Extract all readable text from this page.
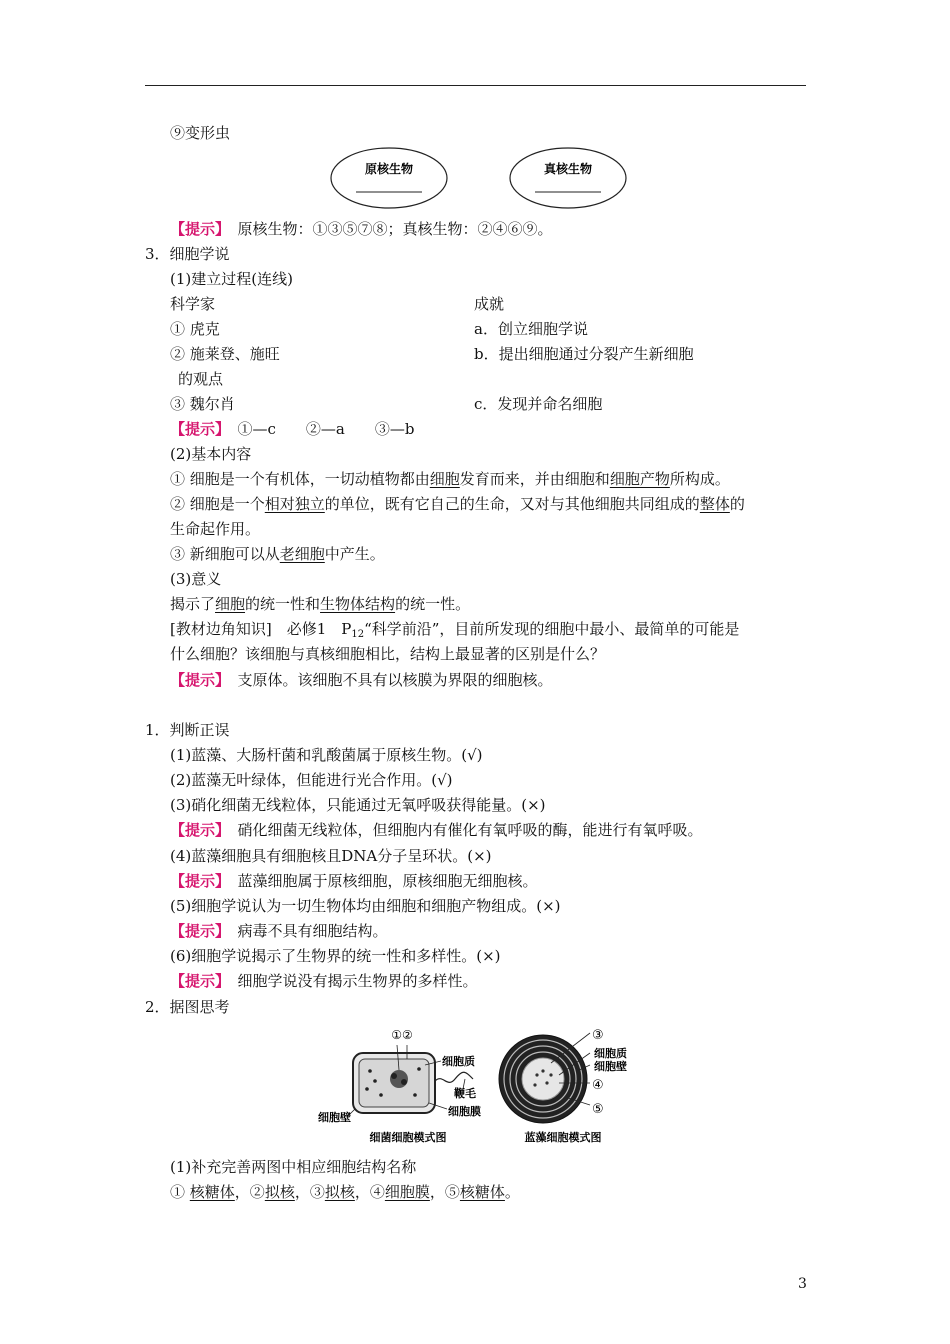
⑨变形虫
原核生物	真核生物
【提示】　 原核生物：①③⑤⑦⑧；真核生物：②④⑥⑨。
3．细胞学说
(1)建立过程(连线)
科学家	成就
① 虎克	a．创立细胞学说
② 施莱登、施旺	b．提出细胞通过分裂产生新细胞
的观点
③ 魏尔肖	c．发现并命名细胞
【提示】　 ①—c　　②—a　　③—b
(2)基本内容
① 细胞是一个有机体，一切动植物都由细胞发育而来，并由细胞和细胞产物所构成。
② 细胞是一个相对独立的单位，既有它自己的生命，又对与其他细胞共同组成的整体的
生命起作用。
③ 新细胞可以从老细胞中产生。
(3)意义
揭示了细胞的统一性和生物体结构的统一性。
[教材边角知识]　必修1　$P_{12}“$科学前沿”，目前所发现的细胞中最小、最简单的可能是
什么细胞？该细胞与真核细胞相比，结构上最显著的区别是什么？
【提示】　 支原体。该细胞不具有以核膜为界限的细胞核。
1．判断正误
(1)蓝藻、大肠杆菌和乳酸菌属于原核生物。(√)
(2)蓝藻无叶绿体，但能进行光合作用。(√)
(3)硝化细菌无线粒体，只能通过无氧呼吸获得能量。(×)
【提示】　 硝化细菌无线粒体，但细胞内有催化有氧呼吸的酶，能进行有氧呼吸。
(4)蓝藻细胞具有细胞核且DNA分子呈环状。(×)
【提示】　 蓝藻细胞属于原核细胞，原核细胞无细胞核。
(5)细胞学说认为一切生物体均由细胞和细胞产物组成。(×)
【提示】　 病毒不具有细胞结构。
(6)细胞学说揭示了生物界的统一性和多样性。(×)
【提示】　 细胞学说没有揭示生物界的多样性。
2．据图思考
①②
细胞质
鞭毛
细胞膜
细胞壁
细菌细胞模式图
③
细胞质
细胞壁
④
⑤
蓝藻细胞模式图
(1)补充完善两图中相应细胞结构名称
① 核糖体，②拟核，③拟核，④细胞膜，⑤核糖体。
3
